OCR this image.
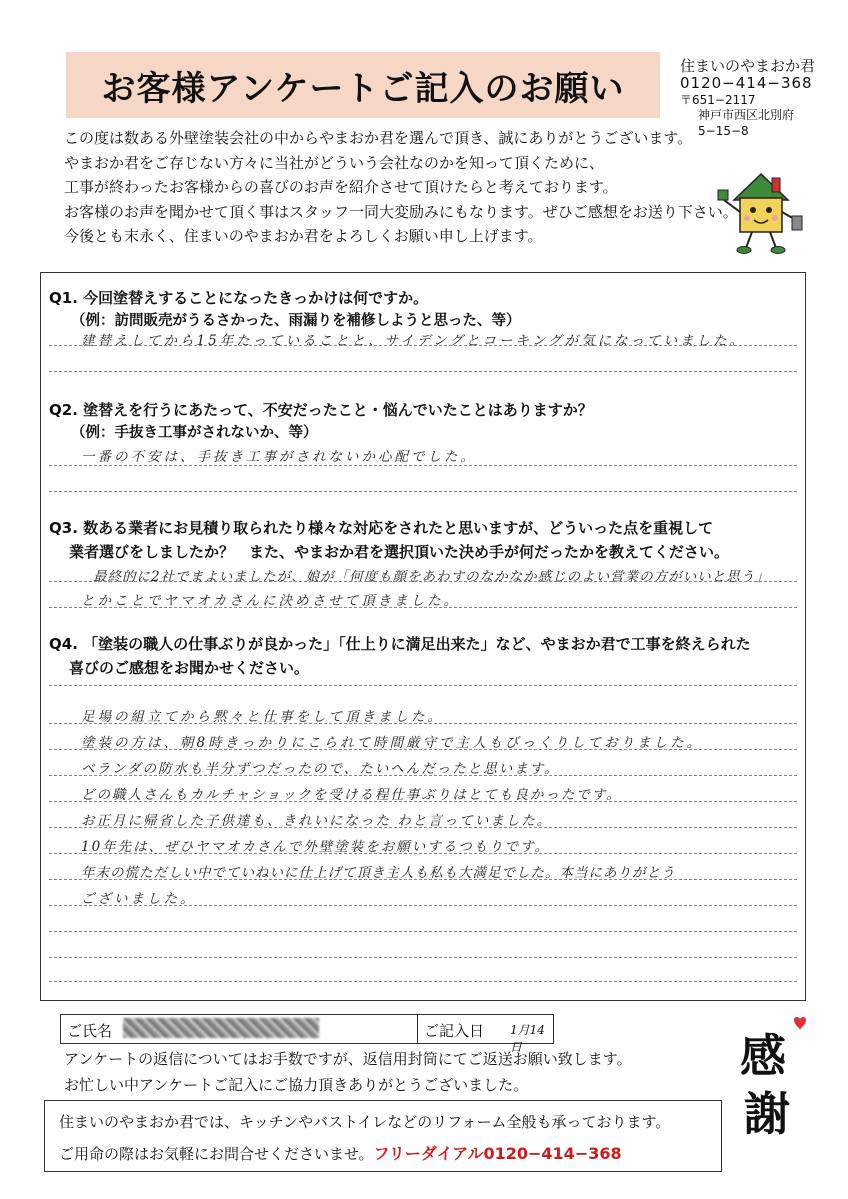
お客様アンケートご記入のお願い
住まいのやまおか君
0120−414−368
〒651−2117
神戸市西区北別府
5−15−8
この度は数ある外壁塗装会社の中からやまおか君を選んで頂き、誠にありがとうございます。
やまおか君をご存じない方々に当社がどういう会社なのかを知って頂くために、
工事が終わったお客様からの喜びのお声を紹介させて頂けたらと考えております。
お客様のお声を聞かせて頂く事はスタッフ一同大変励みにもなります。ぜひご感想をお送り下さい。
今後とも末永く、住まいのやまおか君をよろしくお願い申し上げます。
Q1. 今回塗替えすることになったきっかけは何ですか。
（例：訪問販売がうるさかった、雨漏りを補修しようと思った、等）
建替えしてから15年たっていることと、サイデングとコーキングが気になっていました。
Q2. 塗替えを行うにあたって、不安だったこと・悩んでいたことはありますか？
（例：手抜き工事がされないか、等）
一番の不安は、手抜き工事がされないか心配でした。
Q3. 数ある業者にお見積り取られたり様々な対応をされたと思いますが、どういった点を重視して
業者選びをしましたか？　また、やまおか君を選択頂いた決め手が何だったかを教えてください。
最終的に2社でまよいましたが、娘が「何度も顔をあわすのなかなか感じのよい営業の方がいいと思う」
とかことでヤマオカさんに決めさせて頂きました。
Q4. 「塗装の職人の仕事ぶりが良かった」「仕上りに満足出来た」など、やまおか君で工事を終えられた
喜びのご感想をお聞かせください。
足場の組立てから黙々と仕事をして頂きました。
塗装の方は、朝8時きっかりにこられて時間厳守で主人もびっくりしておりました。
ベランダの防水も半分ずつだったので、たいへんだったと思います。
どの職人さんもカルチャショックを受ける程仕事ぶりはとても良かったです。
お正月に帰省した子供達も、きれいになった わと言っていました。
10年先は、ぜひヤマオカさんで外壁塗装をお願いするつもりです。
年末の慌ただしい中でていねいに仕上げて頂き主人も私も大満足でした。本当にありがとう
ございました。
ご氏名	ご記入日 1月14日
アンケートの返信についてはお手数ですが、返信用封筒にてご返送お願い致します。
お忙しい中アンケートご記入にご協力頂きありがとうございました。
感
謝
住まいのやまおか君では、キッチンやバストイレなどのリフォーム全般も承っております。
ご用命の際はお気軽にお問合せくださいませ。フリーダイアル0120−414−368
